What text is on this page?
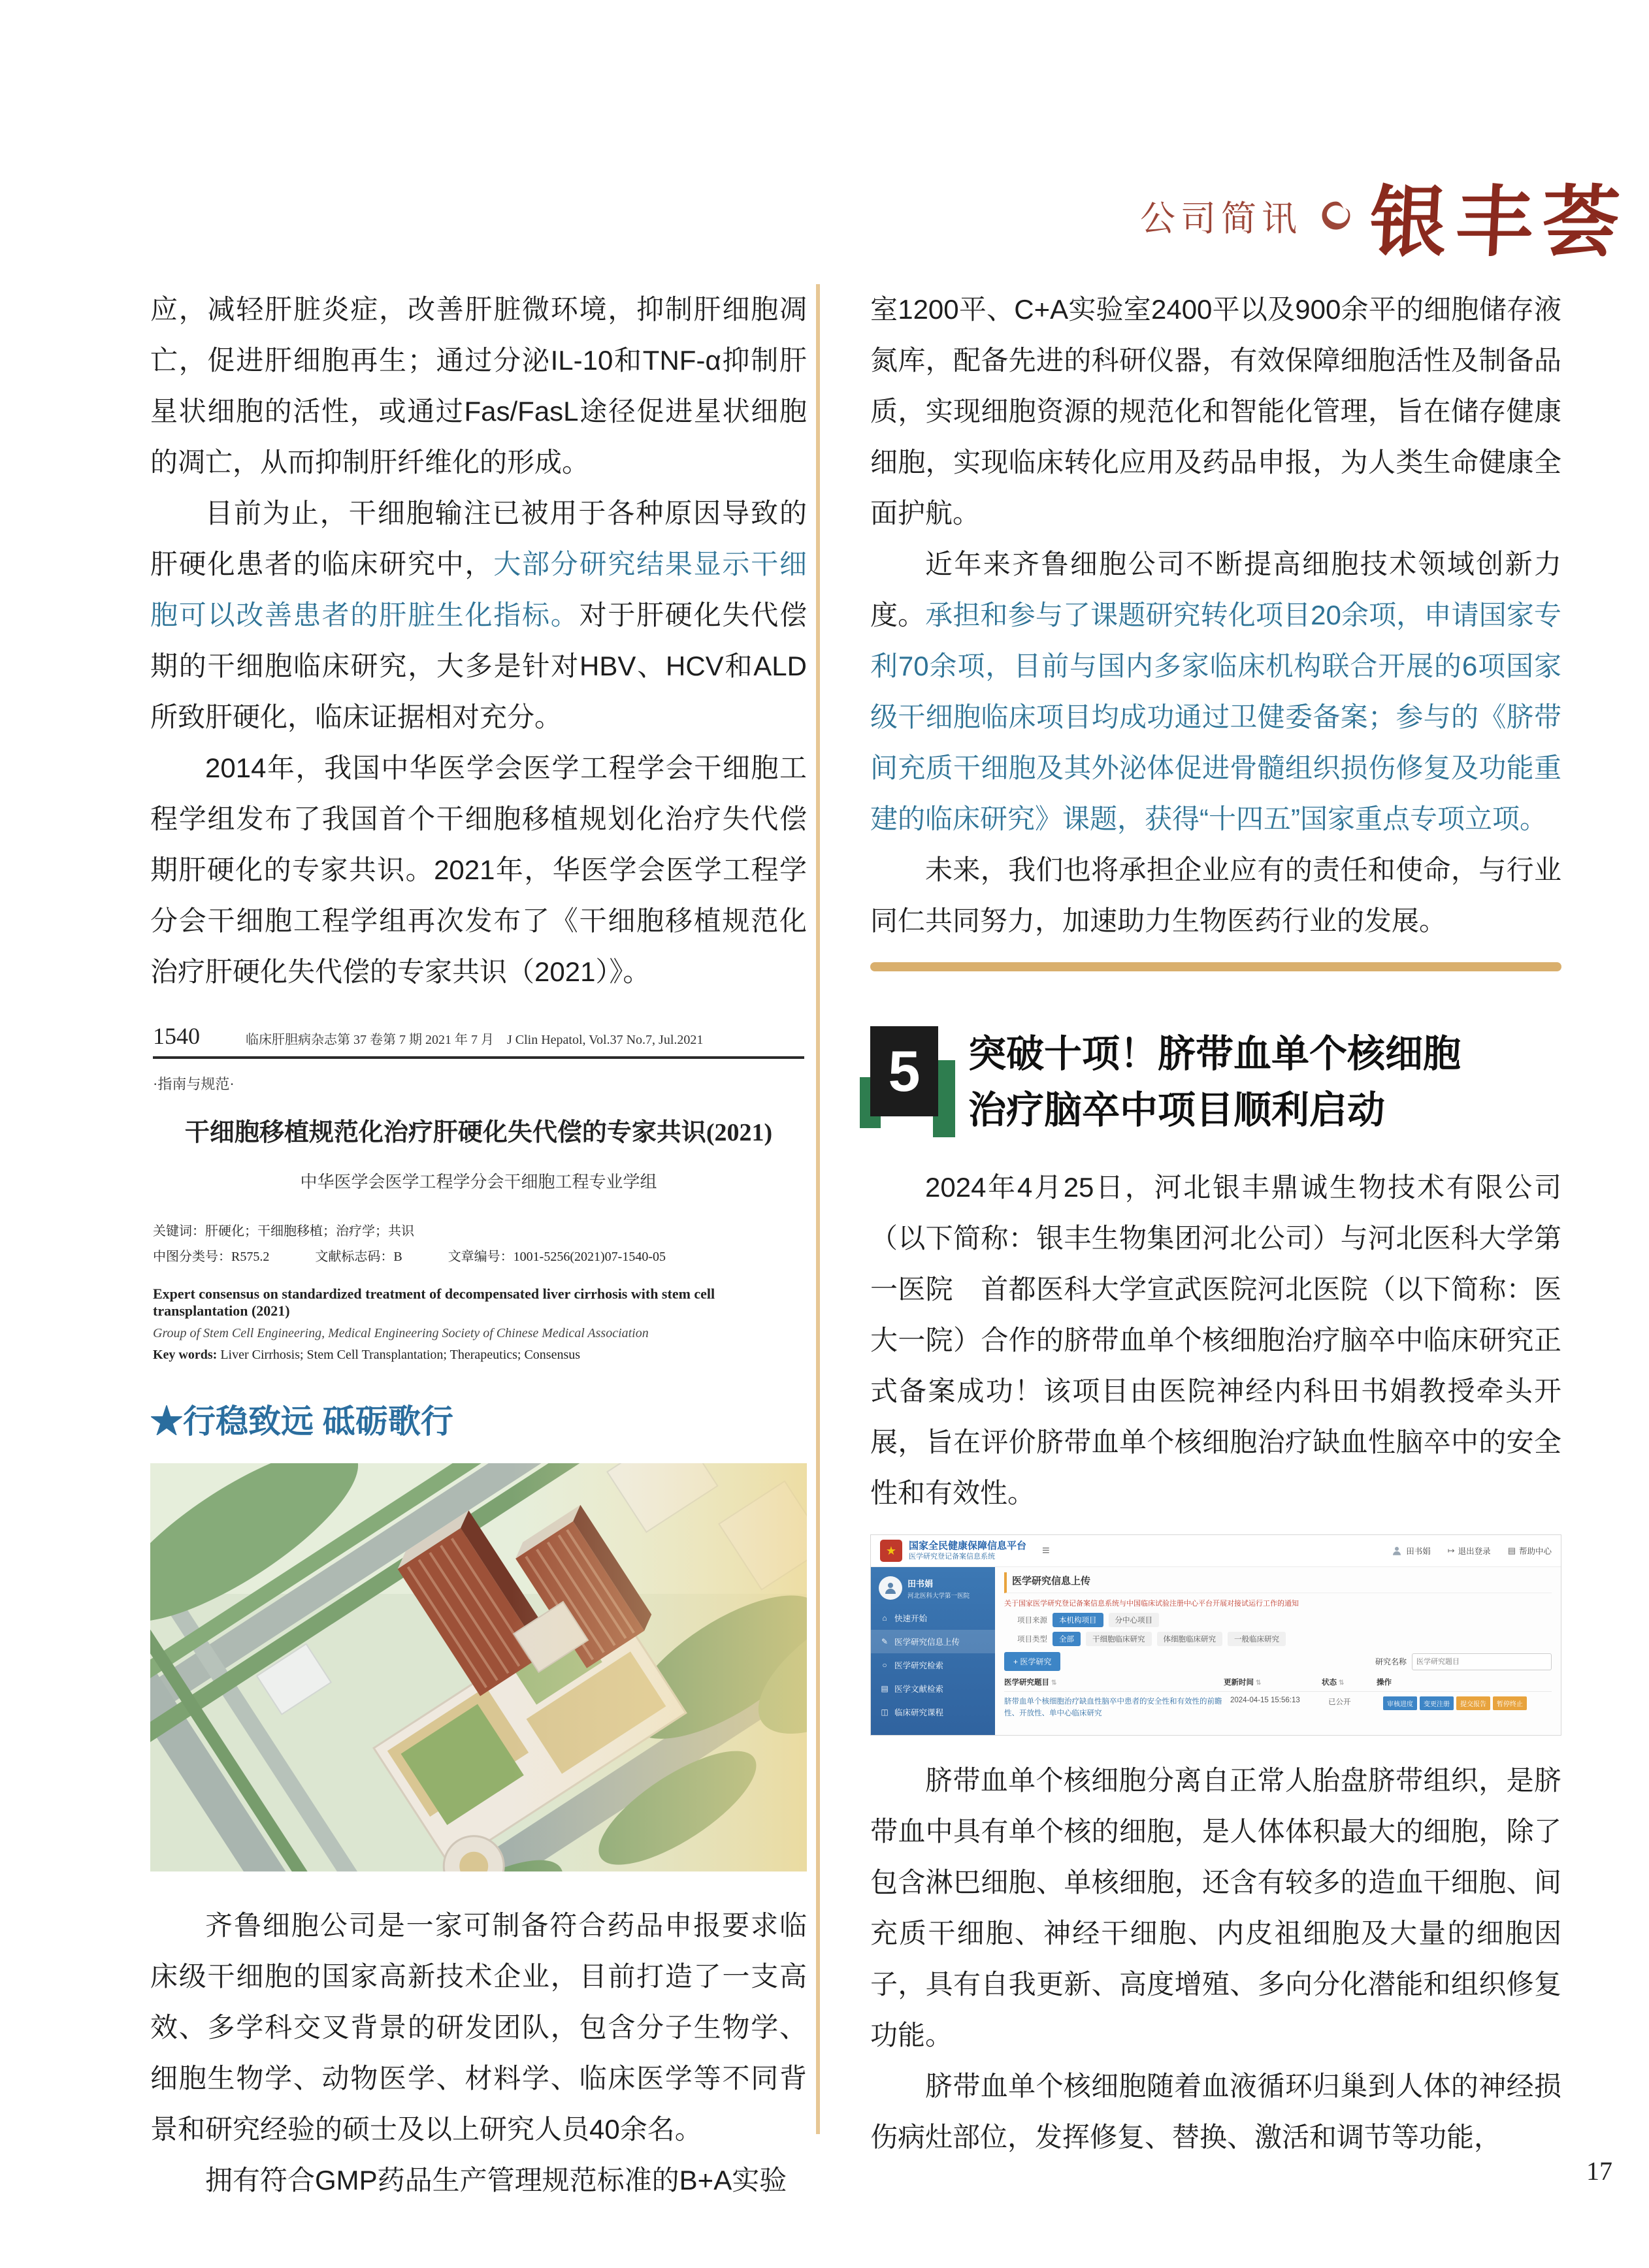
公司简讯 银丰荟

应，减轻肝脏炎症，改善肝脏微环境，抑制肝细胞凋亡，促进肝细胞再生；通过分泌IL-10和TNF-α抑制肝星状细胞的活性，或通过Fas/FasL途径促进星状细胞的凋亡，从而抑制肝纤维化的形成。

目前为止，干细胞输注已被用于各种原因导致的肝硬化患者的临床研究中，大部分研究结果显示干细胞可以改善患者的肝脏生化指标。对于肝硬化失代偿期的干细胞临床研究，大多是针对HBV、HCV和ALD所致肝硬化，临床证据相对充分。

2014年，我国中华医学会医学工程学会干细胞工程学组发布了我国首个干细胞移植规划化治疗失代偿期肝硬化的专家共识。2021年，华医学会医学工程学分会干细胞工程学组再次发布了《干细胞移植规范化治疗肝硬化失代偿的专家共识（2021）》。

1540	临床肝胆病杂志第 37 卷第 7 期 2021 年 7 月　J Clin Hepatol, Vol.37 No.7, Jul.2021
·指南与规范·
干细胞移植规范化治疗肝硬化失代偿的专家共识(2021)
中华医学会医学工程学分会干细胞工程专业学组
关键词：肝硬化；干细胞移植；治疗学；共识
中图分类号：R575.2	文献标志码：B	文章编号：1001-5256(2021)07-1540-05
Expert consensus on standardized treatment of decompensated liver cirrhosis with stem cell transplantation (2021)
Group of Stem Cell Engineering, Medical Engineering Society of Chinese Medical Association
Key words: Liver Cirrhosis; Stem Cell Transplantation; Therapeutics; Consensus
★行稳致远 砥砺歌行

齐鲁细胞公司是一家可制备符合药品申报要求临床级干细胞的国家高新技术企业，目前打造了一支高效、多学科交叉背景的研发团队，包含分子生物学、细胞生物学、动物医学、材料学、临床医学等不同背景和研究经验的硕士及以上研究人员40余名。

拥有符合GMP药品生产管理规范标准的B+A实验

室1200平、C+A实验室2400平以及900余平的细胞储存液氮库，配备先进的科研仪器，有效保障细胞活性及制备品质，实现细胞资源的规范化和智能化管理，旨在储存健康细胞，实现临床转化应用及药品申报，为人类生命健康全面护航。

近年来齐鲁细胞公司不断提高细胞技术领域创新力度。承担和参与了课题研究转化项目20余项，申请国家专利70余项，目前与国内多家临床机构联合开展的6项国家级干细胞临床项目均成功通过卫健委备案；参与的《脐带间充质干细胞及其外泌体促进骨髓组织损伤修复及功能重建的临床研究》课题，获得“十四五”国家重点专项立项。

未来，我们也将承担企业应有的责任和使命，与行业同仁共同努力，加速助力生物医药行业的发展。

5 突破十项！脐带血单个核细胞
治疗脑卒中项目顺利启动

2024年4月25日，河北银丰鼎诚生物技术有限公司（以下简称：银丰生物集团河北公司）与河北医科大学第一医院　首都医科大学宣武医院河北医院（以下简称：医大一院）合作的脐带血单个核细胞治疗脑卒中临床研究正式备案成功！该项目由医院神经内科田书娟教授牵头开展，旨在评价脐带血单个核细胞治疗缺血性脑卒中的安全性和有效性。

★	国家全民健康保障信息平台
医学研究登记备案信息系统	≡	田书娟 ↦ 退出登录 ▤ 帮助中心
田书娟
河北医科大学第一医院
⌂ 快速开始
✎ 医学研究信息上传
○ 医学研究检索
▤ 医学文献检索
◫ 临床研究课程
医学研究信息上传
关于国家医学研究登记备案信息系统与中国临床试验注册中心平台开展对接试运行工作的通知
项目来源	本机构项目	分中心项目
项目类型	全部	干细胞临床研究	体细胞临床研究	一般临床研究
+ 医学研究	研究名称
医学研究题目
医学研究题目 ⇅	更新时间 ⇅	状态 ⇅	操作
脐带血单个核细胞治疗缺血性脑卒中患者的安全性和有效性的前瞻性、开放性、单中心临床研究
2024-04-15 15:56:13	已公开	审核进度	变更注册	提交报告	暂停终止

脐带血单个核细胞分离自正常人胎盘脐带组织，是脐带血中具有单个核的细胞，是人体体积最大的细胞，除了包含淋巴细胞、单核细胞，还含有较多的造血干细胞、间充质干细胞、神经干细胞、内皮祖细胞及大量的细胞因子，具有自我更新、高度增殖、多向分化潜能和组织修复功能。

脐带血单个核细胞随着血液循环归巢到人体的神经损伤病灶部位，发挥修复、替换、激活和调节等功能，

17
